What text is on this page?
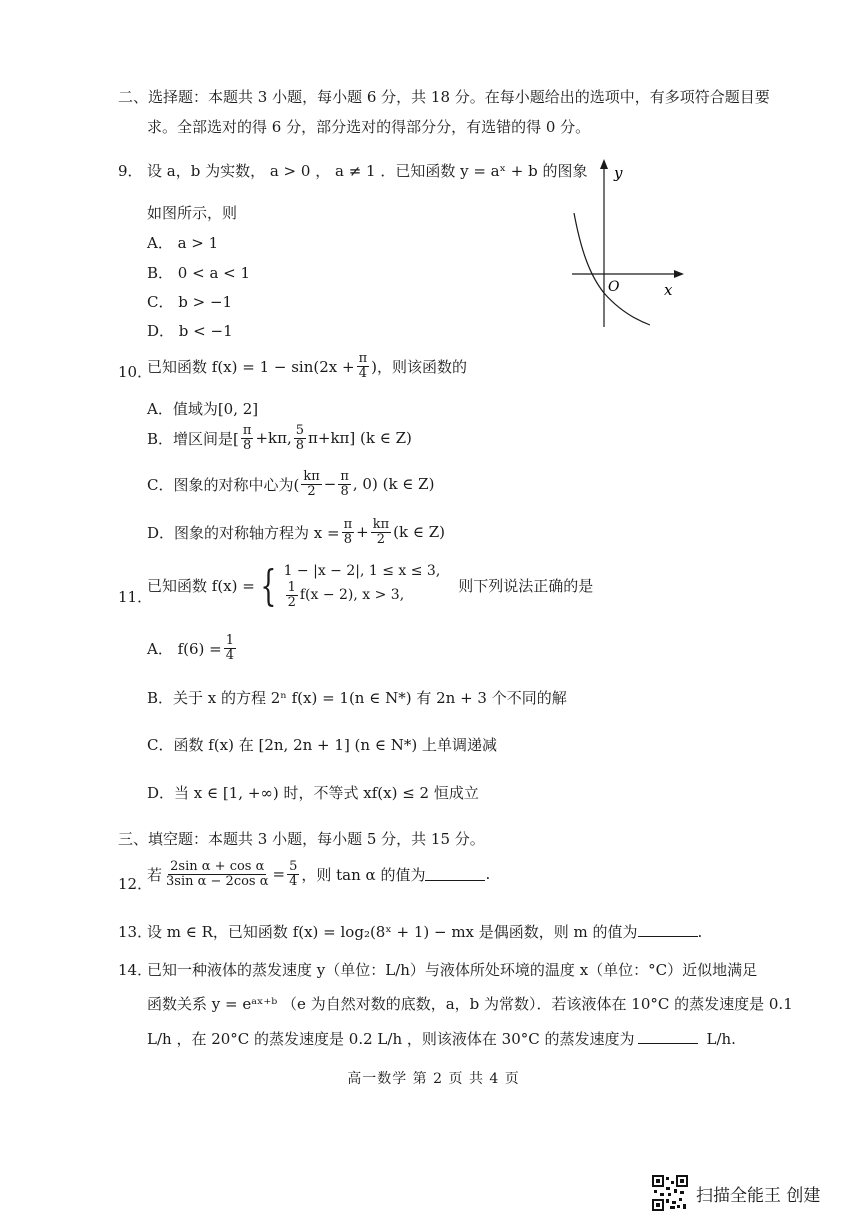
二、选择题：本题共 3 小题，每小题 6 分，共 18 分。在每小题给出的选项中，有多项符合题目要
求。全部选对的得 6 分，部分选对的得部分分，有选错的得 0 分。
9． 设 a，b 为实数， a > 0 ， a ≠ 1 ．已知函数 y = aˣ + b 的图象
如图所示，则
A． a > 1
B． 0 < a < 1
C． b > −1
D． b < −1
y
x
O
10．
已知函数 $f(x) = 1 - \sin(2x + \frac{\pi}{4}$ )，则该函数的
A．值域为[0, 2]
B．增区间是[ $\frac{\pi}{8} +k\pi$, $\frac{5}{8} \pi+k\pi$] (k ∈ Z)
C．图象的对称中心为( $\frac{k\pi}{2} - \frac{\pi}{8}$ , 0) (k ∈ Z)
D．图象的对称轴方程为 $x = \frac{\pi}{8} + \frac{k\pi}{2} (k$ ∈ Z)
11．
已知函数 f(x) = { 1 − |x − 2|, 1 ≤ x ≤ 3,
$\frac{1}{2} f(x - 2)$, x > 3,	则下列说法正确的是
A． $f(6) = \frac{1}{4}$
B．关于 x 的方程 2ⁿ f(x) = 1(n ∈ N*) 有 2n + 3 个不同的解
C．函数 f(x) 在 [2n, 2n + 1] (n ∈ N*) 上单调递减
D．当 x ∈ [1, +∞) 时，不等式 xf(x) ≤ 2 恒成立
三、填空题：本题共 3 小题，每小题 5 分，共 15 分。
12．
若 $\frac{\text{2sin α + cos α}}{\text{3sin α − 2cos α}} = \frac{5}{4}$ ，则 tan α 的值为	.
13．
设 m ∈ R，已知函数 f(x) = log₂(8ˣ + 1) − mx 是偶函数，则 m 的值为	.
14．
已知一种液体的蒸发速度 y（单位：L/h）与液体所处环境的温度 x（单位：°C）近似地满足
函数关系 y = eᵃˣ⁺ᵇ （e 为自然对数的底数，a，b 为常数）．若该液体在 10°C 的蒸发速度是 0.1
L/h ，在 20°C 的蒸发速度是 0.2 L/h ，则该液体在 30°C 的蒸发速度为	L/h.
高一数学 第 2 页 共 4 页
扫描全能王 创建
